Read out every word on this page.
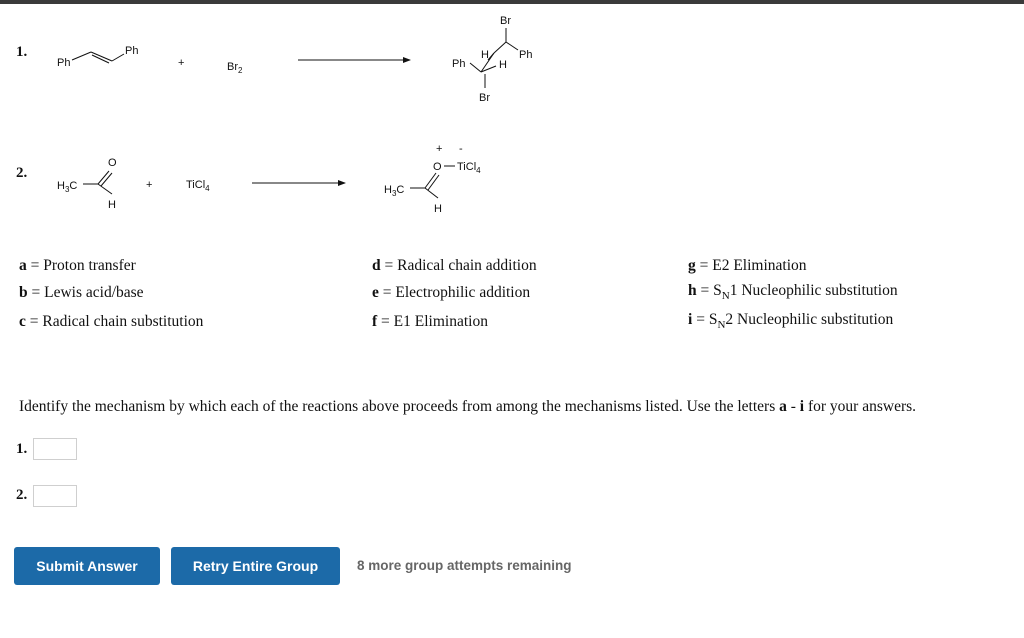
1.
2.
Ph
Ph
+	$Br_2$
Br
H	Ph
Ph	H
Br
$H_3C$
O
H
+	TiCl$_4$
+ -
O TiCl$_4$
$H_3C$
H
a = Proton transfer
b = Lewis acid/base
c = Radical chain substitution
d = Radical chain addition
e = Electrophilic addition
f = E1 Elimination
g = E2 Elimination
$h = S_N1$ Nucleophilic substitution
$i = S_N2$ Nucleophilic substitution
Identify the mechanism by which each of the reactions above proceeds from among the mechanisms listed. Use the letters a - i for your answers.
1.
2.
Submit Answer	Retry Entire Group	8 more group attempts remaining
